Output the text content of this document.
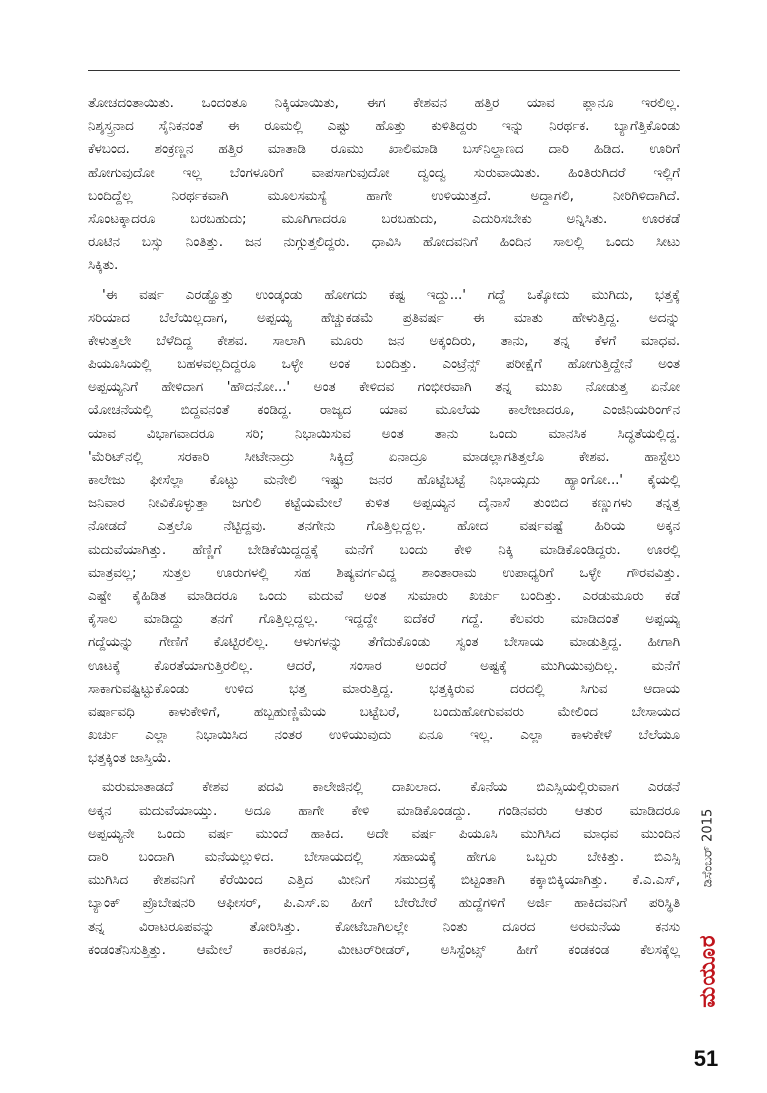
ತೋಚದಂತಾಯಿತು. ಒಂದಂತೂ ನಿಕ್ಕಿಯಾಯಿತು, ಈಗ ಕೇಶವನ ಹತ್ತಿರ ಯಾವ ಪ್ಲಾನೂ ಇರಲಿಲ್ಲ.
ನಿಶ್ಶಸ್ತ್ರನಾದ ಸೈನಿಕನಂತೆ ಈ ರೂಮಲ್ಲಿ ಎಷ್ಟು ಹೊತ್ತು ಕುಳಿತಿದ್ದರು ಇನ್ನು ನಿರರ್ಥಕ. ಬ್ಯಾಗೆತ್ತಿಕೊಂಡು
ಕೆಳಬಂದ. ಶಂಕ್ರಣ್ಣನ ಹತ್ತಿರ ಮಾತಾಡಿ ರೂಮು ಖಾಲಿಮಾಡಿ ಬಸ್‌ನಿಲ್ದಾಣದ ದಾರಿ ಹಿಡಿದ. ಊರಿಗೆ
ಹೋಗುವುದೋ ಇಲ್ಲ ಬೆಂಗಳೂರಿಗೆ ವಾಪಸಾಗುವುದೋ ದ್ವಂದ್ವ ಸುರುವಾಯಿತು. ಹಿಂತಿರುಗಿದರೆ ಇಲ್ಲಿಗೆ
ಬಂದಿದ್ದೆಲ್ಲ ನಿರರ್ಥಕವಾಗಿ ಮೂಲಸಮಸ್ಯೆ ಹಾಗೇ ಉಳಿಯುತ್ತದೆ. ಅದ್ದಾಗಲಿ, ನೀರಿಗಿಳಿದಾಗಿದೆ.
ಸೊಂಟಕ್ಕಾದರೂ ಬರಬಹುದು; ಮೂಗಿಗಾದರೂ ಬರಬಹುದು, ಎದುರಿಸಬೇಕು ಅನ್ನಿಸಿತು. ಊರಕಡೆ
ರೂಟಿನ ಬಸ್ಸು ನಿಂತಿತ್ತು. ಜನ ನುಗ್ಗುತ್ತಲಿದ್ದರು. ಧಾವಿಸಿ ಹೋದವನಿಗೆ ಹಿಂದಿನ ಸಾಲಲ್ಲಿ ಒಂದು ಸೀಟು
ಸಿಕ್ಕಿತು.
'ಈ ವರ್ಷ ಎರಡ್ಹೊತ್ತು ಉಂಡ್ಕಂಡು ಹೋಗದು ಕಷ್ಟ ಇದ್ದು...' ಗದ್ದೆ ಒಕ್ಕೋದು ಮುಗಿದು, ಭತ್ತಕ್ಕೆ
ಸರಿಯಾದ ಬೆಲೆಯಿಲ್ಲದಾಗ, ಅಪ್ಪಯ್ಯ ಹೆಚ್ಚುಕಡಮೆ ಪ್ರತಿವರ್ಷ ಈ ಮಾತು ಹೇಳುತ್ತಿದ್ದ. ಅದನ್ನು
ಕೇಳುತ್ತಲೇ ಬೆಳೆದಿದ್ದ ಕೇಶವ. ಸಾಲಾಗಿ ಮೂರು ಜನ ಅಕ್ಕಂದಿರು, ತಾನು, ತನ್ನ ಕೆಳಗೆ ಮಾಧವ.
ಪಿಯೂಸಿಯಲ್ಲಿ ಬಹಳವಲ್ಲದಿದ್ದರೂ ಒಳ್ಳೇ ಅಂಕ ಬಂದಿತ್ತು. ಎಂಟ್ರೆನ್ಸ್ ಪರೀಕ್ಷೆಗೆ ಹೋಗುತ್ತಿದ್ದೇನೆ ಅಂತ
ಅಪ್ಪಯ್ಯನಿಗೆ ಹೇಳಿದಾಗ 'ಹೌದನೋ...' ಅಂತ ಕೇಳಿದವ ಗಂಭೀರವಾಗಿ ತನ್ನ ಮುಖ ನೋಡುತ್ತ ಏನೋ
ಯೋಚನೆಯಲ್ಲಿ ಬಿದ್ದವನಂತೆ ಕಂಡಿದ್ದ. ರಾಜ್ಯದ ಯಾವ ಮೂಲೆಯ ಕಾಲೇಜಾದರೂ, ಎಂಜಿನಿಯರಿಂಗ್‌ನ
ಯಾವ ವಿಭಾಗವಾದರೂ ಸರಿ; ನಿಭಾಯಿಸುವ ಅಂತ ತಾನು ಒಂದು ಮಾನಸಿಕ ಸಿದ್ಧತೆಯಲ್ಲಿದ್ದ.
'ಮೆರಿಟ್‌ನಲ್ಲಿ ಸರಕಾರಿ ಸೀಟೇನಾದ್ರು ಸಿಕ್ಕಿದ್ರೆ ಏನಾದ್ರೂ ಮಾಡಲ್ಲಾಗತಿತ್ತಲೊ ಕೇಶವ. ಹಾಸ್ಟೆಲು
ಕಾಲೇಜು ಫೀಸೆಲ್ಲಾ ಕೊಟ್ಟು ಮನೇಲಿ ಇಷ್ಟು ಜನರ ಹೊಟ್ಟೆಬಟ್ಟೆ ನಿಭಾಯ್ಸದು ಹ್ಯಾಂಗೋ...' ಕೈಯಲ್ಲಿ
ಜನಿವಾರ ನೀವಿಕೊಳ್ಳುತ್ತಾ ಜಗುಲಿ ಕಟ್ಟೆಯಮೇಲೆ ಕುಳಿತ ಅಪ್ಪಯ್ಯನ ದೈನಾಸೆ ತುಂಬಿದ ಕಣ್ಣುಗಳು ತನ್ನತ್ತ
ನೋಡದೆ ಎತ್ತಲೊ ನೆಟ್ಟಿದ್ದವು. ತನಗೇನು ಗೊತ್ತಿಲ್ಲದ್ದಲ್ಲ. ಹೋದ ವರ್ಷವಷ್ಟೆ ಹಿರಿಯ ಅಕ್ಕನ
ಮದುವೆಯಾಗಿತ್ತು. ಹೆಣ್ಣಿಗೆ ಬೇಡಿಕೆಯಿದ್ದದ್ದಕ್ಕೆ ಮನೆಗೆ ಬಂದು ಕೇಳಿ ನಿಕ್ಕಿ ಮಾಡಿಕೊಂಡಿದ್ದರು. ಊರಲ್ಲಿ
ಮಾತ್ರವಲ್ಲ; ಸುತ್ತಲ ಊರುಗಳಲ್ಲಿ ಸಹ ಶಿಷ್ಯವರ್ಗವಿದ್ದ ಶಾಂತಾರಾಮ ಉಪಾಧ್ಯರಿಗೆ ಒಳ್ಳೇ ಗೌರವವಿತ್ತು.
ಎಷ್ಟೇ ಕೈಹಿಡಿತ ಮಾಡಿದರೂ ಒಂದು ಮದುವೆ ಅಂತ ಸುಮಾರು ಖರ್ಚು ಬಂದಿತ್ತು. ಎರಡುಮೂರು ಕಡೆ
ಕೈಸಾಲ ಮಾಡಿದ್ದು ತನಗೆ ಗೊತ್ತಿಲ್ಲದ್ದಲ್ಲ. ಇದ್ದದ್ದೇ ಐದೆಕರೆ ಗದ್ದೆ. ಕೆಲವರು ಮಾಡಿದಂತೆ ಅಪ್ಪಯ್ಯ
ಗದ್ದೆಯನ್ನು ಗೇಣಿಗೆ ಕೊಟ್ಟಿರಲಿಲ್ಲ. ಆಳುಗಳನ್ನು ತೆಗೆದುಕೊಂಡು ಸ್ವಂತ ಬೇಸಾಯ ಮಾಡುತ್ತಿದ್ದ. ಹೀಗಾಗಿ
ಊಟಕ್ಕೆ ಕೊರತೆಯಾಗುತ್ತಿರಲಿಲ್ಲ. ಆದರೆ, ಸಂಸಾರ ಅಂದರೆ ಅಷ್ಟಕ್ಕೆ ಮುಗಿಯುವುದಿಲ್ಲ. ಮನೆಗೆ
ಸಾಕಾಗುವಷ್ಟಿಟ್ಟುಕೊಂಡು ಉಳಿದ ಭತ್ತ ಮಾರುತ್ತಿದ್ದ. ಭತ್ತಕ್ಕಿರುವ ದರದಲ್ಲಿ ಸಿಗುವ ಆದಾಯ
ವರ್ಷಾವಧಿ ಕಾಳುಕೇಳಿಗೆ, ಹಬ್ಬಹುಣ್ಣಿಮೆಯ ಬಟ್ಟೆಬರೆ, ಬಂದುಹೋಗುವವರು ಮೇಲಿಂದ ಬೇಸಾಯದ
ಖರ್ಚು ಎಲ್ಲಾ ನಿಭಾಯಿಸಿದ ನಂತರ ಉಳಿಯುವುದು ಏನೂ ಇಲ್ಲ. ಎಲ್ಲಾ ಕಾಳುಕೇಳೆ ಬೆಲೆಯೂ
ಭತ್ತಕ್ಕಿಂತ ಜಾಸ್ತಿಯೆ.
ಮರುಮಾತಾಡದೆ ಕೇಶವ ಪದವಿ ಕಾಲೇಜಿನಲ್ಲಿ ದಾಖಲಾದ. ಕೊನೆಯ ಬಿಎಸ್ಸಿಯಲ್ಲಿರುವಾಗ ಎರಡನೆ
ಅಕ್ಕನ ಮದುವೆಯಾಯ್ತು. ಅದೂ ಹಾಗೇ ಕೇಳಿ ಮಾಡಿಕೊಂಡದ್ದು. ಗಂಡಿನವರು ಆತುರ ಮಾಡಿದರೂ
ಅಪ್ಪಯ್ಯನೇ ಒಂದು ವರ್ಷ ಮುಂದೆ ಹಾಕಿದ. ಅದೇ ವರ್ಷ ಪಿಯೂಸಿ ಮುಗಿಸಿದ ಮಾಧವ ಮುಂದಿನ
ದಾರಿ ಬಂದಾಗಿ ಮನೆಯಲ್ಲುಳಿದ. ಬೇಸಾಯದಲ್ಲಿ ಸಹಾಯಕ್ಕೆ ಹೇಗೂ ಒಬ್ಬರು ಬೇಕಿತ್ತು. ಬಿಎಸ್ಸಿ
ಮುಗಿಸಿದ ಕೇಶವನಿಗೆ ಕೆರೆಯಿಂದ ಎತ್ತಿದ ಮೀನಿಗೆ ಸಮುದ್ರಕ್ಕೆ ಬಿಟ್ಟಂತಾಗಿ ಕಕ್ಕಾಬಿಕ್ಕಿಯಾಗಿತ್ತು. ಕೆ.ಎ.ಎಸ್,
ಬ್ಯಾಂಕ್ ಪ್ರೊಬೇಷನರಿ ಆಫೀಸರ್, ಪಿ.ಎಸ್.ಐ ಹೀಗೆ ಬೇರೆಬೇರೆ ಹುದ್ದೆಗಳಿಗೆ ಅರ್ಜಿ ಹಾಕಿದವನಿಗೆ ಪರಿಸ್ಥಿತಿ
ತನ್ನ ವಿರಾಟರೂಪವನ್ನು ತೋರಿಸಿತ್ತು. ಕೋಟೆಬಾಗಿಲಲ್ಲೇ ನಿಂತು ದೂರದ ಅರಮನೆಯ ಕನಸು
ಕಂಡಂತೆನಿಸುತ್ತಿತ್ತು. ಆಮೇಲೆ ಕಾರಕೂನ, ಮೀಟರ್‌ರೀಡರ್, ಅಸಿಸ್ಟೆಂಟ್ಸ್ ಹೀಗೆ ಕಂಡಕಂಡ ಕೆಲಸಕ್ಕೆಲ್ಲ
ಡಿಸೆಂಬರ್ 2015
ಮಯೂರ
51
